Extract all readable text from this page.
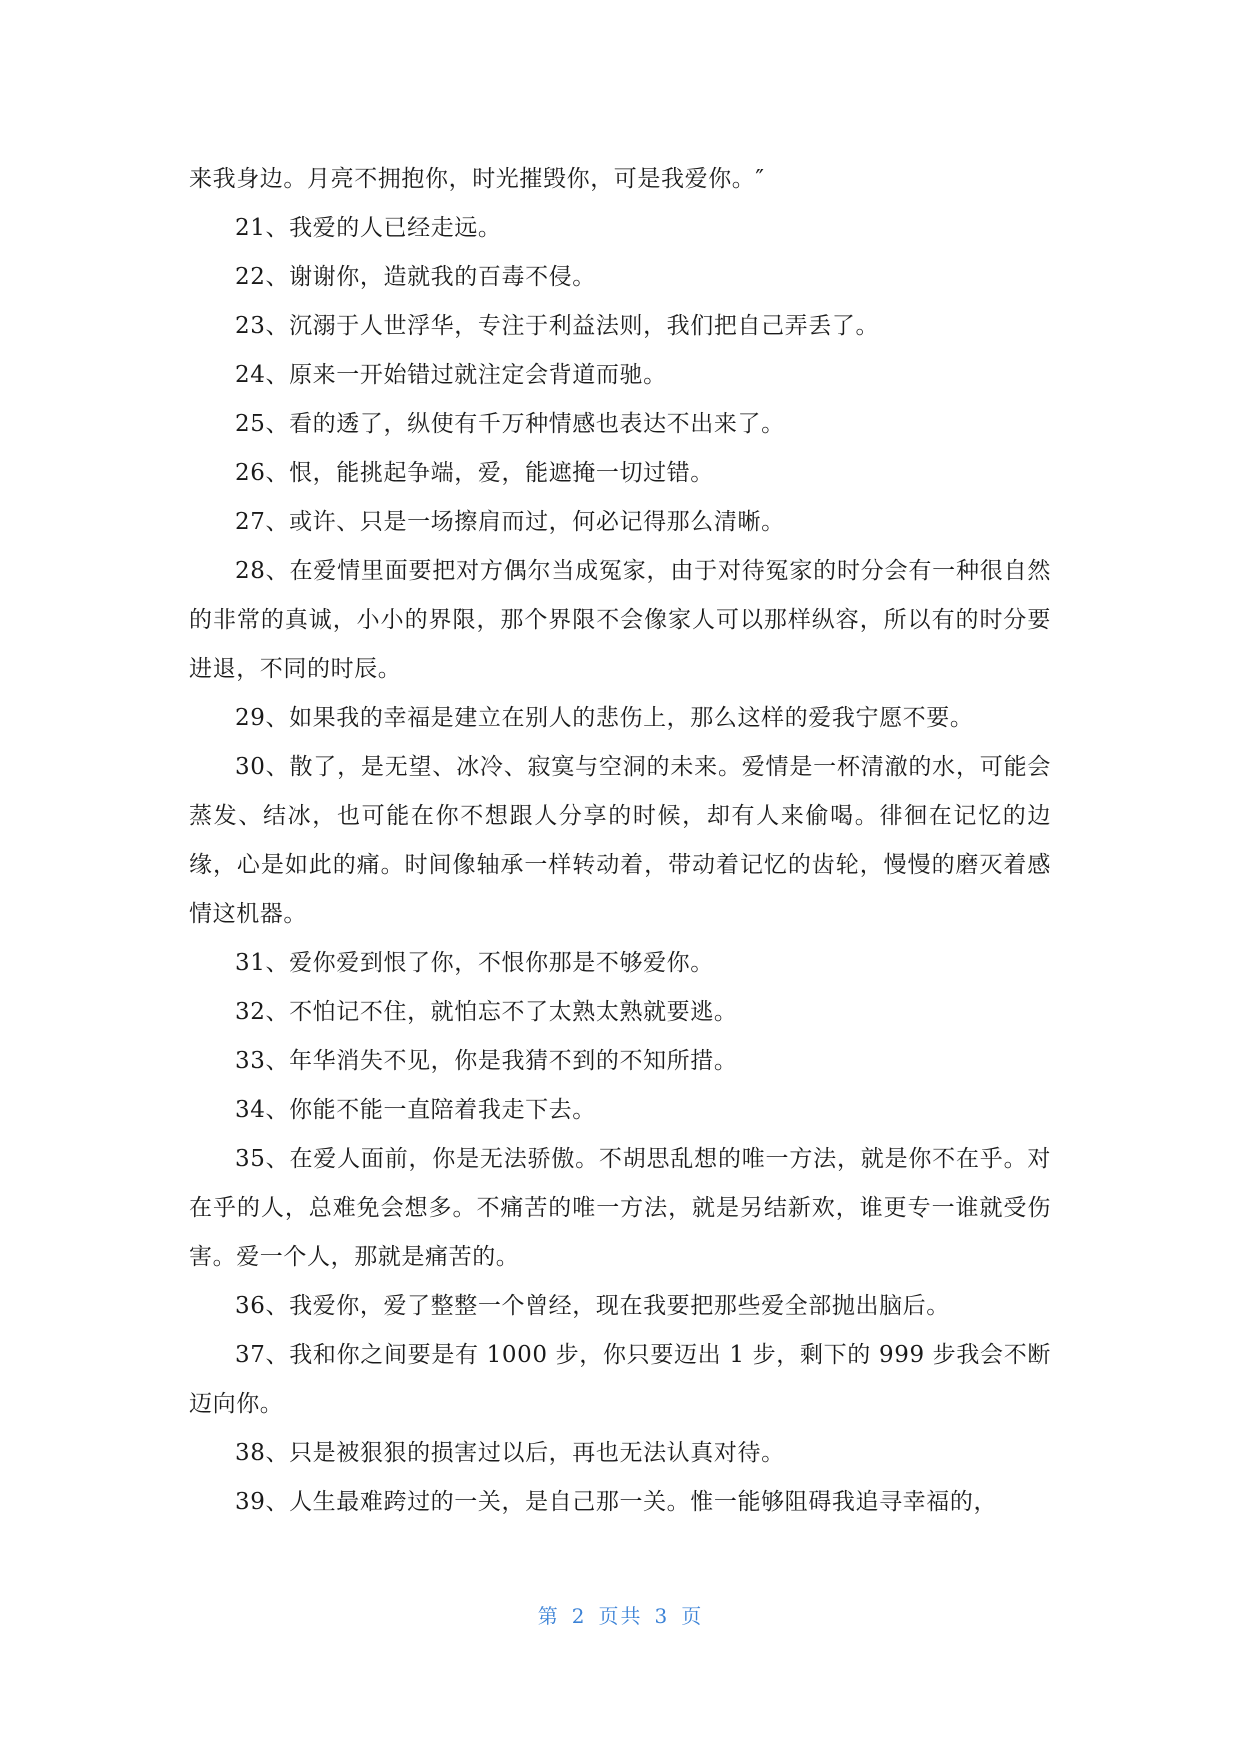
来我身边。月亮不拥抱你，时光摧毁你，可是我爱你。″

21、我爱的人已经走远。

22、谢谢你，造就我的百毒不侵。

23、沉溺于人世浮华，专注于利益法则，我们把自己弄丢了。

24、原来一开始错过就注定会背道而驰。

25、看的透了，纵使有千万种情感也表达不出来了。

26、恨，能挑起争端，爱，能遮掩一切过错。

27、或许、只是一场擦肩而过，何必记得那么清晰。

28、在爱情里面要把对方偶尔当成冤家，由于对待冤家的时分会有一种很自然的非常的真诚，小小的界限，那个界限不会像家人可以那样纵容，所以有的时分要进退，不同的时辰。

29、如果我的幸福是建立在别人的悲伤上，那么这样的爱我宁愿不要。

30、散了，是无望、冰冷、寂寞与空洞的未来。爱情是一杯清澈的水，可能会蒸发、结冰，也可能在你不想跟人分享的时候，却有人来偷喝。徘徊在记忆的边缘，心是如此的痛。时间像轴承一样转动着，带动着记忆的齿轮，慢慢的磨灭着感情这机器。

31、爱你爱到恨了你，不恨你那是不够爱你。

32、不怕记不住，就怕忘不了太熟太熟就要逃。

33、年华消失不见，你是我猜不到的不知所措。

34、你能不能一直陪着我走下去。

35、在爱人面前，你是无法骄傲。不胡思乱想的唯一方法，就是你不在乎。对在乎的人，总难免会想多。不痛苦的唯一方法，就是另结新欢，谁更专一谁就受伤害。爱一个人，那就是痛苦的。

36、我爱你，爱了整整一个曾经，现在我要把那些爱全部抛出脑后。

37、我和你之间要是有 1000 步，你只要迈出 1 步，剩下的 999 步我会不断迈向你。

38、只是被狠狠的损害过以后，再也无法认真对待。

39、人生最难跨过的一关，是自己那一关。惟一能够阻碍我追寻幸福的，

第 2 页共 3 页
